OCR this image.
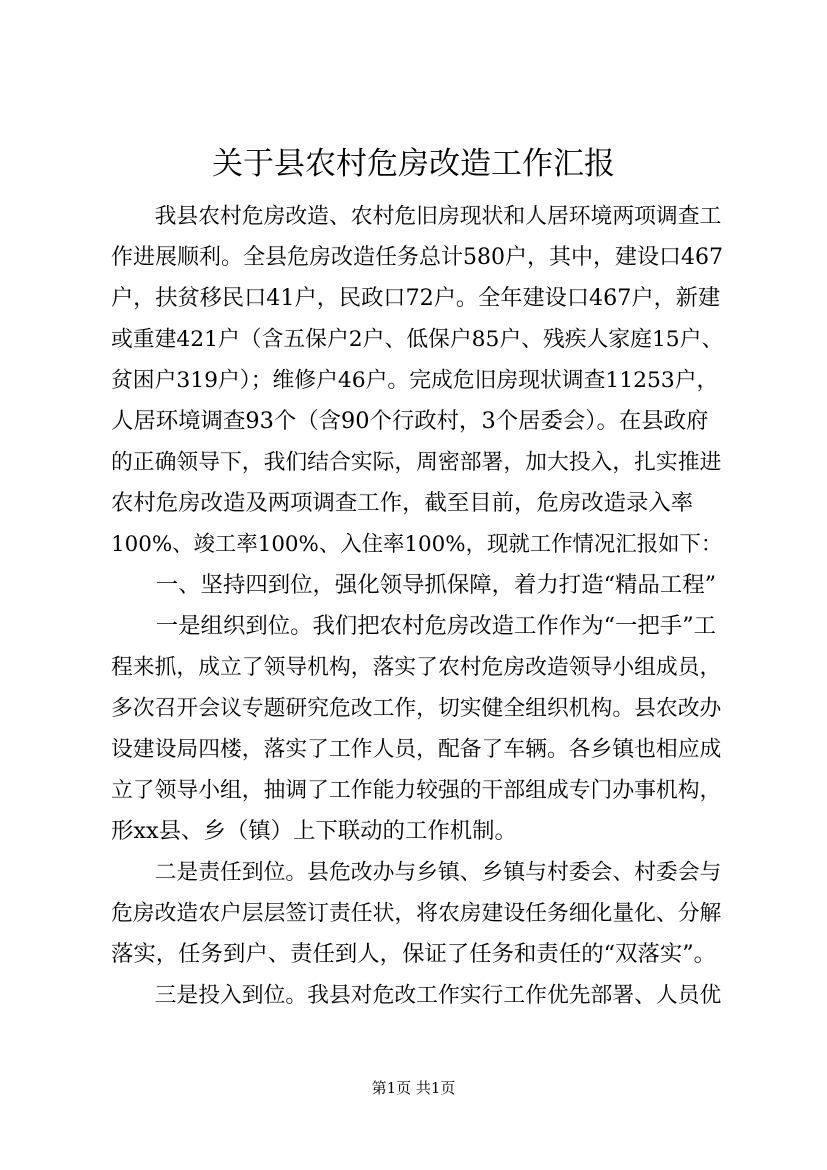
关于县农村危房改造工作汇报
　　我县农村危房改造、农村危旧房现状和人居环境两项调查工
作进展顺利。全县危房改造任务总计580户，其中，建设口467
户，扶贫移民口41户，民政口72户。全年建设口467户，新建
或重建421户（含五保户2户、低保户85户、残疾人家庭15户、
贫困户319户）；维修户46户。完成危旧房现状调查11253户，
人居环境调查93个（含90个行政村，3个居委会）。在县政府
的正确领导下，我们结合实际，周密部署，加大投入，扎实推进
农村危房改造及两项调查工作，截至目前，危房改造录入率
100%、竣工率100%、入住率100%，现就工作情况汇报如下：
　　一、坚持四到位，强化领导抓保障，着力打造“精品工程”
　　一是组织到位。我们把农村危房改造工作作为“一把手”工
程来抓，成立了领导机构，落实了农村危房改造领导小组成员，
多次召开会议专题研究危改工作，切实健全组织机构。县农改办
设建设局四楼，落实了工作人员，配备了车辆。各乡镇也相应成
立了领导小组，抽调了工作能力较强的干部组成专门办事机构，
形xx县、乡（镇）上下联动的工作机制。
　　二是责任到位。县危改办与乡镇、乡镇与村委会、村委会与
危房改造农户层层签订责任状，将农房建设任务细化量化、分解
落实，任务到户、责任到人，保证了任务和责任的“双落实”。
　　三是投入到位。我县对危改工作实行工作优先部署、人员优
第1页 共1页
